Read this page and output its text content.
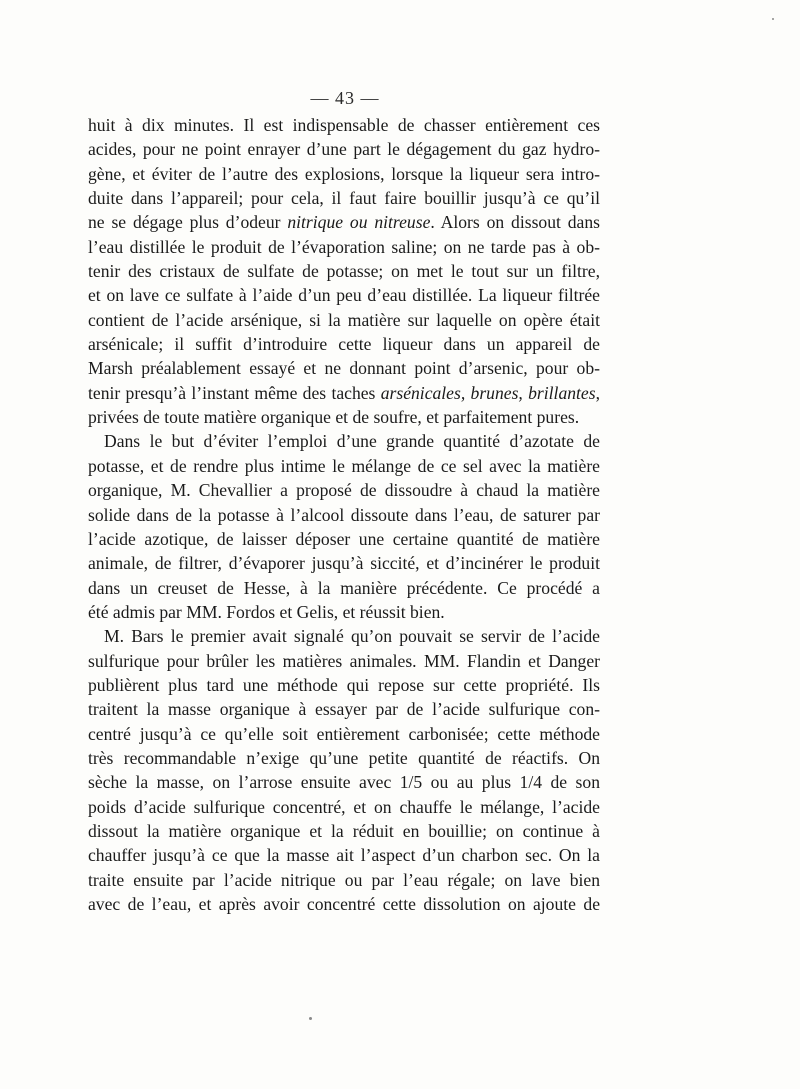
— 43 —
huit à dix minutes. Il est indispensable de chasser entièrement ces
acides, pour ne point enrayer d’une part le dégagement du gaz hydro-
gène, et éviter de l’autre des explosions, lorsque la liqueur sera intro-
duite dans l’appareil; pour cela, il faut faire bouillir jusqu’à ce qu’il
ne se dégage plus d’odeur nitrique ou nitreuse. Alors on dissout dans
l’eau distillée le produit de l’évaporation saline; on ne tarde pas à ob-
tenir des cristaux de sulfate de potasse; on met le tout sur un filtre,
et on lave ce sulfate à l’aide d’un peu d’eau distillée. La liqueur filtrée
contient de l’acide arsénique, si la matière sur laquelle on opère était
arsénicale; il suffit d’introduire cette liqueur dans un appareil de
Marsh préalablement essayé et ne donnant point d’arsenic, pour ob-
tenir presqu’à l’instant même des taches arsénicales, brunes, brillantes,
privées de toute matière organique et de soufre, et parfaitement pures.
Dans le but d’éviter l’emploi d’une grande quantité d’azotate de
potasse, et de rendre plus intime le mélange de ce sel avec la matière
organique, M. Chevallier a proposé de dissoudre à chaud la matière
solide dans de la potasse à l’alcool dissoute dans l’eau, de saturer par
l’acide azotique, de laisser déposer une certaine quantité de matière
animale, de filtrer, d’évaporer jusqu’à siccité, et d’incinérer le produit
dans un creuset de Hesse, à la manière précédente. Ce procédé a
été admis par MM. Fordos et Gelis, et réussit bien.
M. Bars le premier avait signalé qu’on pouvait se servir de l’acide
sulfurique pour brûler les matières animales. MM. Flandin et Danger
publièrent plus tard une méthode qui repose sur cette propriété. Ils
traitent la masse organique à essayer par de l’acide sulfurique con-
centré jusqu’à ce qu’elle soit entièrement carbonisée; cette méthode
très recommandable n’exige qu’une petite quantité de réactifs. On
sèche la masse, on l’arrose ensuite avec 1/5 ou au plus 1/4 de son
poids d’acide sulfurique concentré, et on chauffe le mélange, l’acide
dissout la matière organique et la réduit en bouillie; on continue à
chauffer jusqu’à ce que la masse ait l’aspect d’un charbon sec. On la
traite ensuite par l’acide nitrique ou par l’eau régale; on lave bien
avec de l’eau, et après avoir concentré cette dissolution on ajoute de
